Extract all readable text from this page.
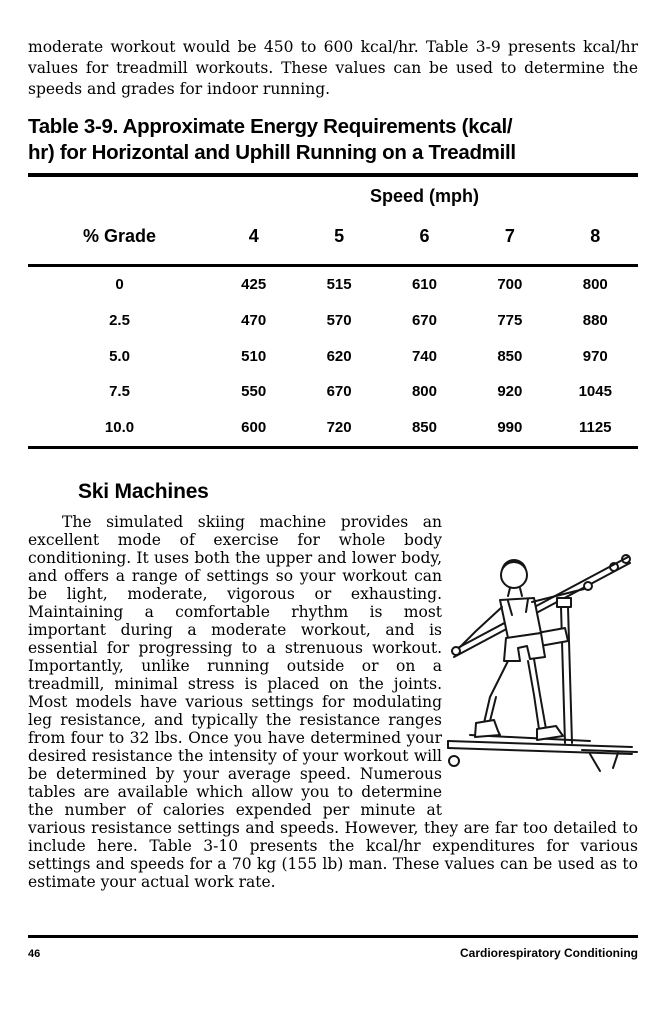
moderate workout would be 450 to 600 kcal/hr. Table 3-9 presents kcal/hr values for treadmill workouts. These values can be used to determine the speeds and grades for indoor running.

Table 3-9. Approximate Energy Requirements (kcal/
hr) for Horizontal and Uphill Running on a Treadmill
Speed (mph)
% Grade	4	5	6	7	8
0	425	515	610	700	800
2.5	470	570	670	775	880
5.0	510	620	740	850	970
7.5	550	670	800	920	1045
10.0	600	720	850	990	1125
Ski Machines

The simulated skiing machine provides an excellent mode of exercise for whole body conditioning. It uses both the upper and lower body, and offers a range of settings so your workout can be light, moderate, vigorous or exhausting. Maintaining a comfortable rhythm is most important during a moderate workout, and is essential for progressing to a strenuous workout. Importantly, unlike running outside or on a treadmill, minimal stress is placed on the joints. Most models have various settings for modulating leg resistance, and typically the resistance ranges from four to 32 lbs. Once you have determined your desired resistance the intensity of your workout will be determined by your average speed. Numerous tables are available which allow you to determine the number of calories expended per minute at various resistance settings and speeds. However, they are far too detailed to include here. Table 3-10 presents the kcal/hr expenditures for various settings and speeds for a 70 kg (155 lb) man. These values can be used as to estimate your actual work rate.

46	Cardiorespiratory Conditioning
